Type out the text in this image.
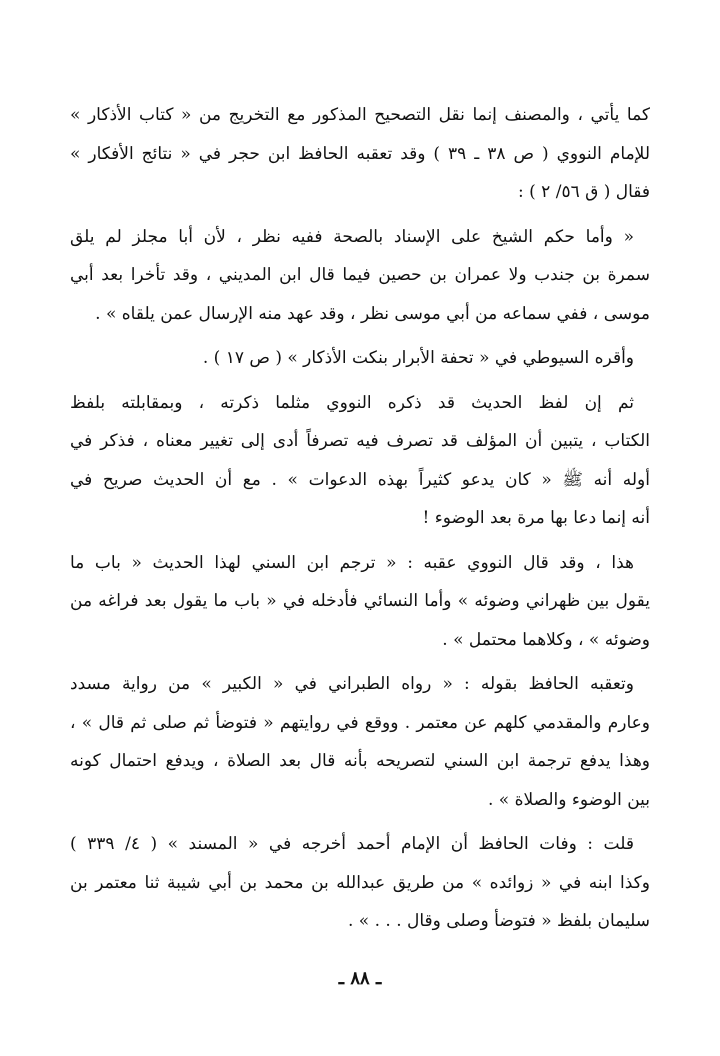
كما يأتي ، والمصنف إنما نقل التصحيح المذكور مع التخريج من « كتاب الأذكار »
للإمام النووي ( ص ٣٨ ـ ٣٩ ) وقد تعقبه الحافظ ابن حجر في « نتائج الأفكار »
فقال ( ق ٥٦/ ٢ ) :

« وأما حكم الشيخ على الإسناد بالصحة ففيه نظر ، لأن أبا مجلز لم يلق
سمرة بن جندب ولا عمران بن حصين فيما قال ابن المديني ، وقد تأخرا بعد أبي
موسى ، ففي سماعه من أبي موسى نظر ، وقد عهد منه الإرسال عمن يلقاه » .

وأقره السيوطي في « تحفة الأبرار بنكت الأذكار » ( ص ١٧ ) .

ثم إن لفظ الحديث قد ذكره النووي مثلما ذكرته ، وبمقابلته بلفظ
الكتاب ، يتبين أن المؤلف قد تصرف فيه تصرفاً أدى إلى تغيير معناه ، فذكر في
أوله أنه ﷺ « كان يدعو كثيراً بهذه الدعوات » . مع أن الحديث صريح في
أنه إنما دعا بها مرة بعد الوضوء !

هذا ، وقد قال النووي عقبه : « ترجم ابن السني لهذا الحديث « باب ما
يقول بين ظهراني وضوئه » وأما النسائي فأدخله في « باب ما يقول بعد فراغه من
وضوئه » ، وكلاهما محتمل » .

وتعقبه الحافظ بقوله : « رواه الطبراني في « الكبير » من رواية مسدد
وعارم والمقدمي كلهم عن معتمر . ووقع في روايتهم « فتوضأ ثم صلى ثم قال » ،
وهذا يدفع ترجمة ابن السني لتصريحه بأنه قال بعد الصلاة ، ويدفع احتمال كونه
بين الوضوء والصلاة » .

قلت : وفات الحافظ أن الإمام أحمد أخرجه في « المسند » ( ٤/ ٣٣٩ )
وكذا ابنه في « زوائده » من طريق عبدالله بن محمد بن أبي شيبة ثنا معتمر بن
سليمان بلفظ « فتوضأ وصلى وقال . . . » .

ـ ٨٨ ـ
